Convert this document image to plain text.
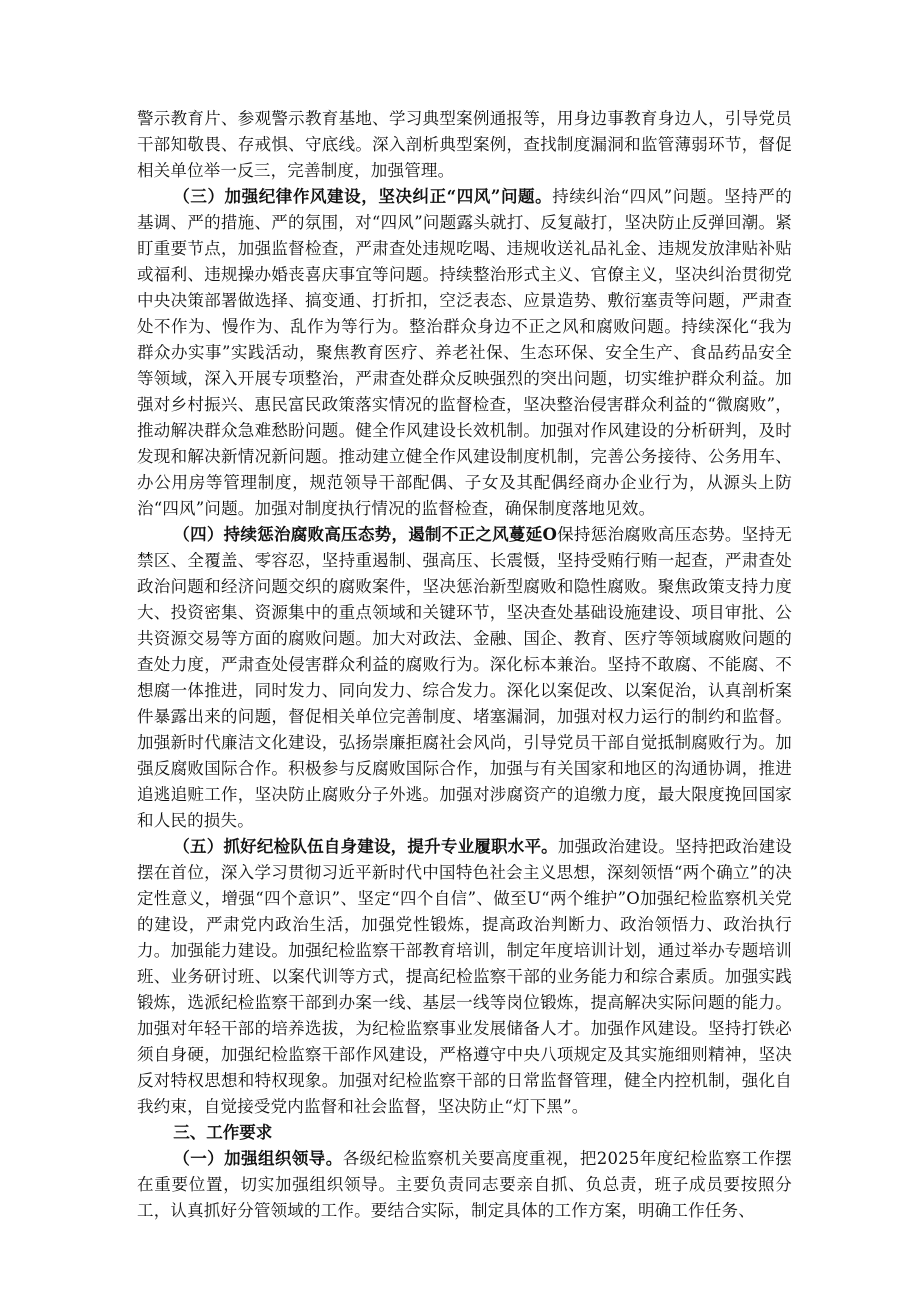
警示教育片、参观警示教育基地、学习典型案例通报等，用身边事教育身边人，引导党员干部知敬畏、存戒惧、守底线。深入剖析典型案例，查找制度漏洞和监管薄弱环节，督促相关单位举一反三，完善制度，加强管理。

（三）加强纪律作风建设，坚决纠正“四风”问题。持续纠治“四风”问题。坚持严的基调、严的措施、严的氛围，对“四风”问题露头就打、反复敲打，坚决防止反弹回潮。紧盯重要节点，加强监督检查，严肃查处违规吃喝、违规收送礼品礼金、违规发放津贴补贴或福利、违规操办婚丧喜庆事宜等问题。持续整治形式主义、官僚主义，坚决纠治贯彻党中央决策部署做选择、搞变通、打折扣，空泛表态、应景造势、敷衍塞责等问题，严肃查处不作为、慢作为、乱作为等行为。整治群众身边不正之风和腐败问题。持续深化“我为群众办实事”实践活动，聚焦教育医疗、养老社保、生态环保、安全生产、食品药品安全等领域，深入开展专项整治，严肃查处群众反映强烈的突出问题，切实维护群众利益。加强对乡村振兴、惠民富民政策落实情况的监督检查，坚决整治侵害群众利益的“微腐败”，推动解决群众急难愁盼问题。健全作风建设长效机制。加强对作风建设的分析研判，及时发现和解决新情况新问题。推动建立健全作风建设制度机制，完善公务接待、公务用车、办公用房等管理制度，规范领导干部配偶、子女及其配偶经商办企业行为，从源头上防治“四风”问题。加强对制度执行情况的监督检查，确保制度落地见效。

（四）持续惩治腐败高压态势，遏制不正之风蔓延O保持惩治腐败高压态势。坚持无禁区、全覆盖、零容忍，坚持重遏制、强高压、长震慑，坚持受贿行贿一起查，严肃查处政治问题和经济问题交织的腐败案件，坚决惩治新型腐败和隐性腐败。聚焦政策支持力度大、投资密集、资源集中的重点领域和关键环节，坚决查处基础设施建设、项目审批、公共资源交易等方面的腐败问题。加大对政法、金融、国企、教育、医疗等领域腐败问题的查处力度，严肃查处侵害群众利益的腐败行为。深化标本兼治。坚持不敢腐、不能腐、不想腐一体推进，同时发力、同向发力、综合发力。深化以案促改、以案促治，认真剖析案件暴露出来的问题，督促相关单位完善制度、堵塞漏洞，加强对权力运行的制约和监督。加强新时代廉洁文化建设，弘扬崇廉拒腐社会风尚，引导党员干部自觉抵制腐败行为。加强反腐败国际合作。积极参与反腐败国际合作，加强与有关国家和地区的沟通协调，推进追逃追赃工作，坚决防止腐败分子外逃。加强对涉腐资产的追缴力度，最大限度挽回国家和人民的损失。

（五）抓好纪检队伍自身建设，提升专业履职水平。加强政治建设。坚持把政治建设摆在首位，深入学习贯彻习近平新时代中国特色社会主义思想，深刻领悟“两个确立”的决定性意义，增强“四个意识”、坚定“四个自信”、做至U“两个维护”O加强纪检监察机关党的建设，严肃党内政治生活，加强党性锻炼，提高政治判断力、政治领悟力、政治执行力。加强能力建设。加强纪检监察干部教育培训，制定年度培训计划，通过举办专题培训班、业务研讨班、以案代训等方式，提高纪检监察干部的业务能力和综合素质。加强实践锻炼，选派纪检监察干部到办案一线、基层一线等岗位锻炼，提高解决实际问题的能力。加强对年轻干部的培养选拔，为纪检监察事业发展储备人才。加强作风建设。坚持打铁必须自身硬，加强纪检监察干部作风建设，严格遵守中央八项规定及其实施细则精神，坚决反对特权思想和特权现象。加强对纪检监察干部的日常监督管理，健全内控机制，强化自我约束，自觉接受党内监督和社会监督，坚决防止“灯下黑”。

三、工作要求

（一）加强组织领导。各级纪检监察机关要高度重视，把2025年度纪检监察工作摆在重要位置，切实加强组织领导。主要负责同志要亲自抓、负总责，班子成员要按照分工，认真抓好分管领域的工作。要结合实际，制定具体的工作方案，明确工作任务、
